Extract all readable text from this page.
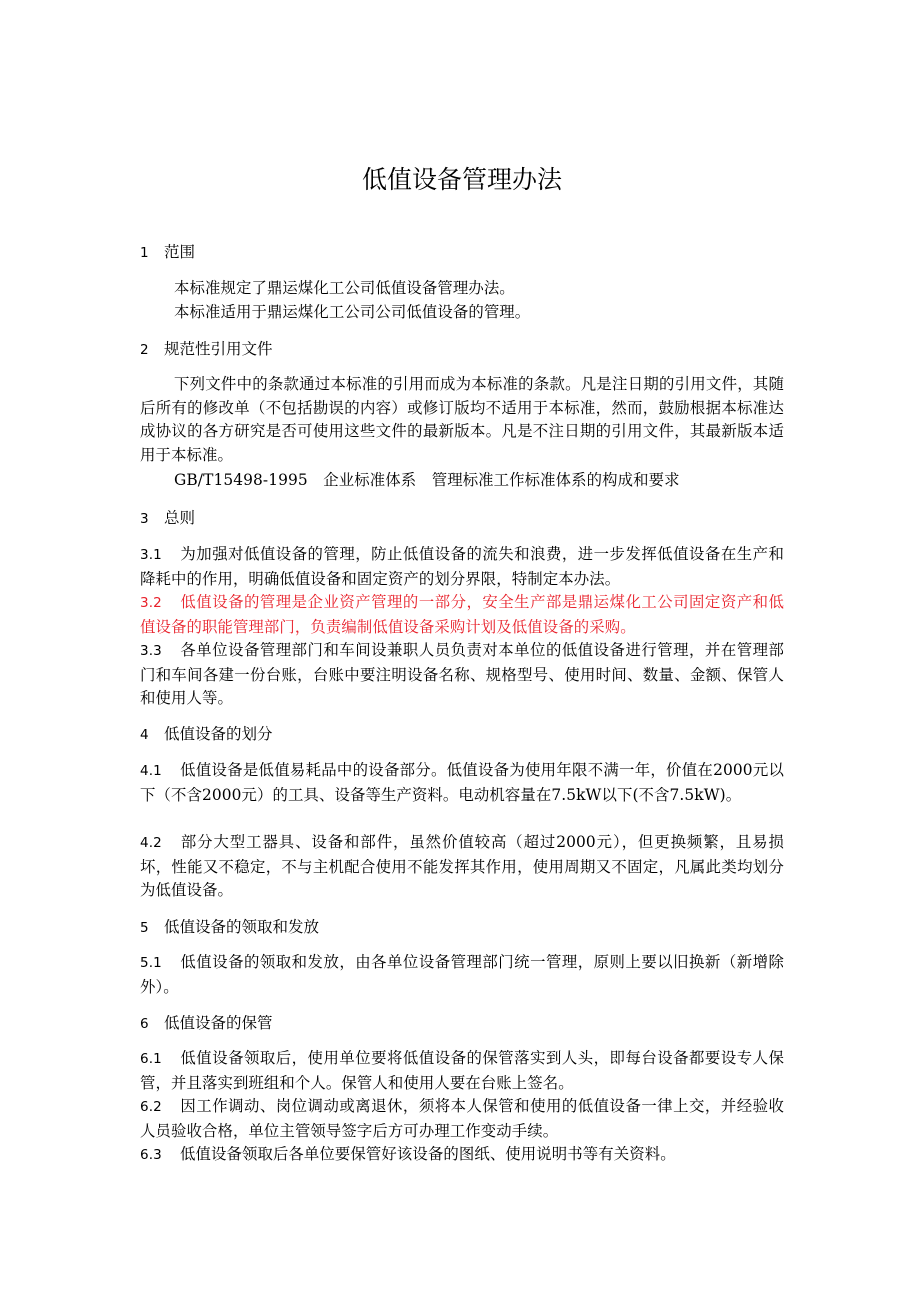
低值设备管理办法
1 范围
本标准规定了鼎运煤化工公司低值设备管理办法。
本标准适用于鼎运煤化工公司公司低值设备的管理。
2 规范性引用文件
下列文件中的条款通过本标准的引用而成为本标准的条款。凡是注日期的引用文件，其随后所有的修改单（不包括勘误的内容）或修订版均不适用于本标准，然而，鼓励根据本标准达成协议的各方研究是否可使用这些文件的最新版本。凡是不注日期的引用文件，其最新版本适用于本标准。
GB/T15498-1995　企业标准体系　管理标准工作标准体系的构成和要求
3 总则
3.1 为加强对低值设备的管理，防止低值设备的流失和浪费，进一步发挥低值设备在生产和降耗中的作用，明确低值设备和固定资产的划分界限，特制定本办法。
3.2 低值设备的管理是企业资产管理的一部分，安全生产部是鼎运煤化工公司固定资产和低值设备的职能管理部门，负责编制低值设备采购计划及低值设备的采购。
3.3 各单位设备管理部门和车间设兼职人员负责对本单位的低值设备进行管理，并在管理部门和车间各建一份台账，台账中要注明设备名称、规格型号、使用时间、数量、金额、保管人和使用人等。
4 低值设备的划分
4.1 低值设备是低值易耗品中的设备部分。低值设备为使用年限不满一年，价值在2000元以下（不含2000元）的工具、设备等生产资料。电动机容量在7.5kW以下(不含7.5kW)。
4.2 部分大型工器具、设备和部件，虽然价值较高（超过2000元），但更换频繁，且易损坏，性能又不稳定，不与主机配合使用不能发挥其作用，使用周期又不固定，凡属此类均划分为低值设备。
5 低值设备的领取和发放
5.1 低值设备的领取和发放，由各单位设备管理部门统一管理，原则上要以旧换新（新增除外）。
6 低值设备的保管
6.1 低值设备领取后，使用单位要将低值设备的保管落实到人头，即每台设备都要设专人保管，并且落实到班组和个人。保管人和使用人要在台账上签名。
6.2 因工作调动、岗位调动或离退休，须将本人保管和使用的低值设备一律上交，并经验收人员验收合格，单位主管领导签字后方可办理工作变动手续。
6.3 低值设备领取后各单位要保管好该设备的图纸、使用说明书等有关资料。
